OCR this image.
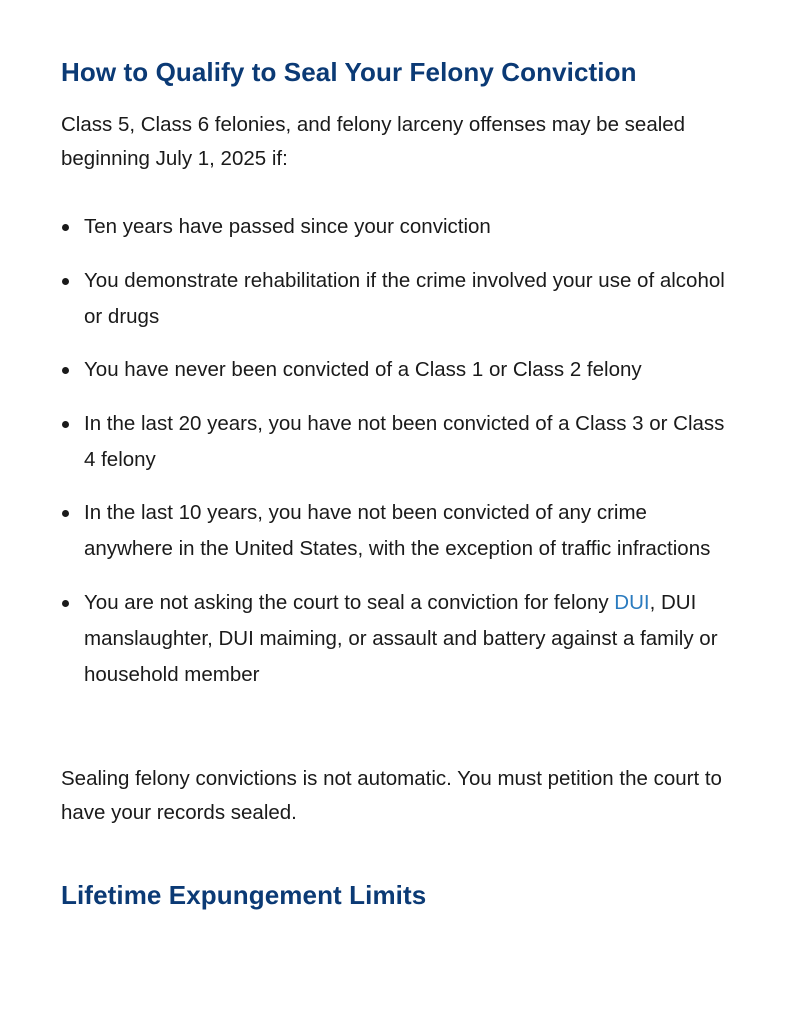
How to Qualify to Seal Your Felony Conviction

Class 5, Class 6 felonies, and felony larceny offenses may be sealed beginning July 1, 2025 if:

Ten years have passed since your conviction
You demonstrate rehabilitation if the crime involved your use of alcohol or drugs
You have never been convicted of a Class 1 or Class 2 felony
In the last 20 years, you have not been convicted of a Class 3 or Class 4 felony
In the last 10 years, you have not been convicted of any crime anywhere in the United States, with the exception of traffic infractions
You are not asking the court to seal a conviction for felony DUI, DUI manslaughter, DUI maiming, or assault and battery against a family or household member

Sealing felony convictions is not automatic. You must petition the court to have your records sealed.

Lifetime Expungement Limits
